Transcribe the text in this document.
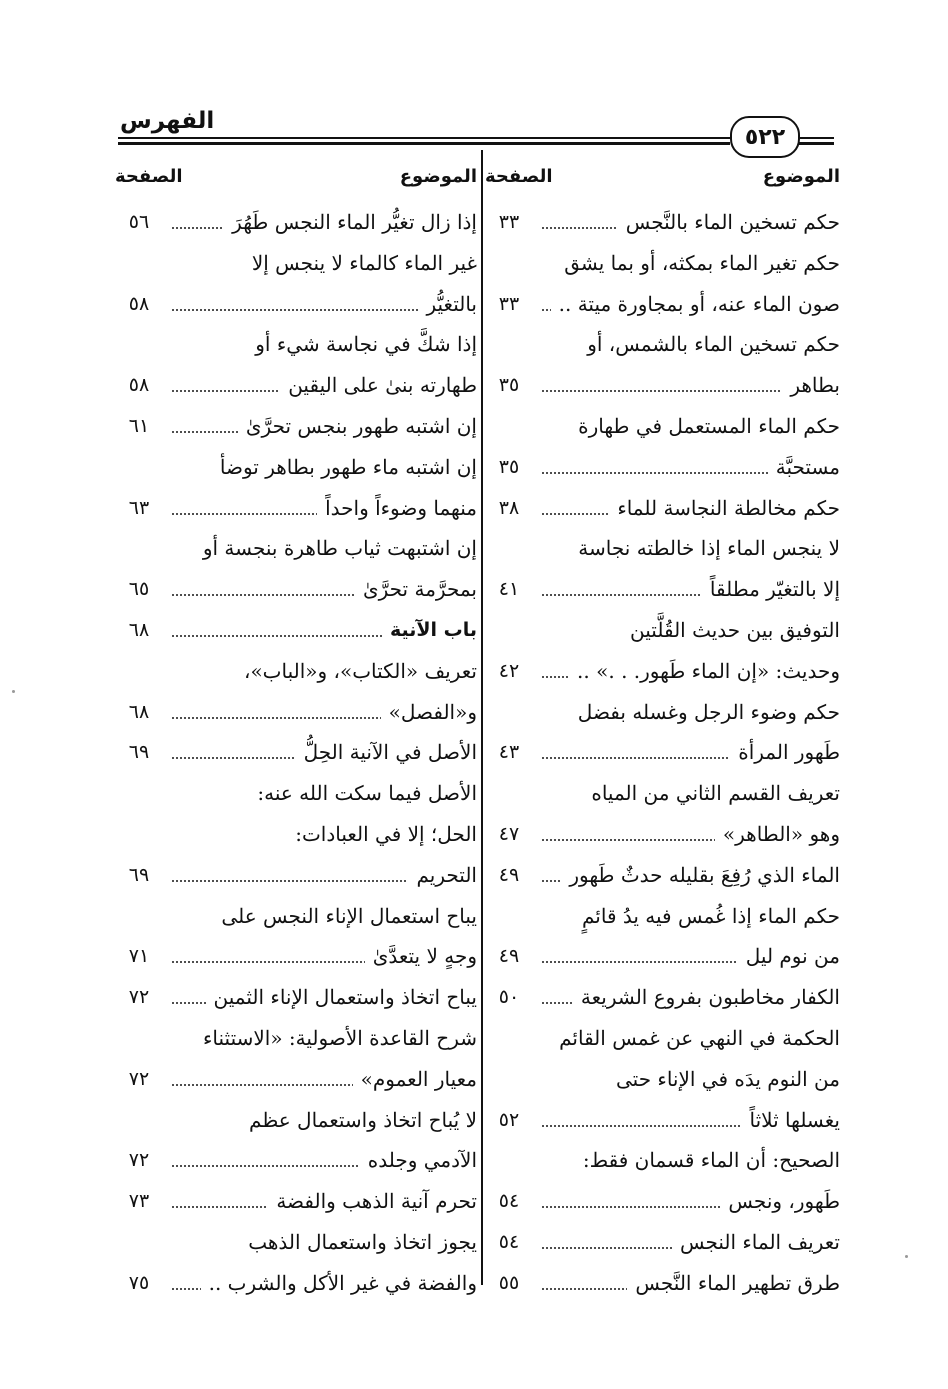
الفهرس
٥٢٢
الموضوع
الصفحة
حكم تسخين الماء بالنَّجس
٣٣
حكم تغير الماء بمكثه، أو بما يشق
صون الماء عنه، أو بمجاورة ميتة ..
٣٣
حكم تسخين الماء بالشمس، أو
بطاهر
٣٥
حكم الماء المستعمل في طهارة
مستحبَّة
٣٥
حكم مخالطة النجاسة للماء
٣٨
لا ينجس الماء إذا خالطته نجاسة
إلا بالتغيّر مطلقاً
٤١
التوفيق بين حديث القُلَّتين
وحديث: «إن الماء طَهور. . .» ..
٤٢
حكم وضوء الرجل وغسله بفضل
طَهور المرأة
٤٣
تعريف القسم الثاني من المياه
وهو «الطاهر»
٤٧
الماء الذي رُفِعَ بقليله حدثٌ طَهور
٤٩
حكم الماء إذا غُمس فيه يدُ قائمٍ
من نوم ليل
٤٩
الكفار مخاطبون بفروع الشريعة
٥٠
الحكمة في النهي عن غمس القائم
من النوم يدَه في الإناء حتى
يغسلها ثلاثاً
٥٢
الصحيح: أن الماء قسمان فقط:
طَهور، ونجس
٥٤
تعريف الماء النجس
٥٤
طرق تطهير الماء النَّجس
٥٥
الموضوع
الصفحة
إذا زال تغيُّر الماء النجس طَهُرَ
٥٦
غير الماء كالماء لا ينجس إلا
بالتغيُّر
٥٨
إذا شكَّ في نجاسة شيء أو
طهارته بنىٰ على اليقين
٥٨
إن اشتبه طهور بنجس تحرَّىٰ
٦١
إن اشتبه ماء طهور بطاهر توضأ
منهما وضوءاً واحداً
٦٣
إن اشتبهت ثياب طاهرة بنجسة أو
بمحرَّمة تحرَّىٰ
٦٥
باب الآنية
٦٨
تعريف «الكتاب»، و«الباب»،
و«الفصل»
٦٨
الأصل في الآنية الحِلُّ
٦٩
الأصل فيما سكت الله عنه:
الحل؛ إلا في العبادات:
التحريم
٦٩
يباح استعمال الإناء النجس على
وجهٍ لا يتعدَّىٰ
٧١
يباح اتخاذ واستعمال الإناء الثمين
٧٢
شرح القاعدة الأصولية: «الاستثناء
معيار العموم»
٧٢
لا يُباح اتخاذ واستعمال عظم
الآدمي وجلده
٧٢
تحرم آنية الذهب والفضة
٧٣
يجوز اتخاذ واستعمال الذهب
والفضة في غير الأكل والشرب ..
٧٥
